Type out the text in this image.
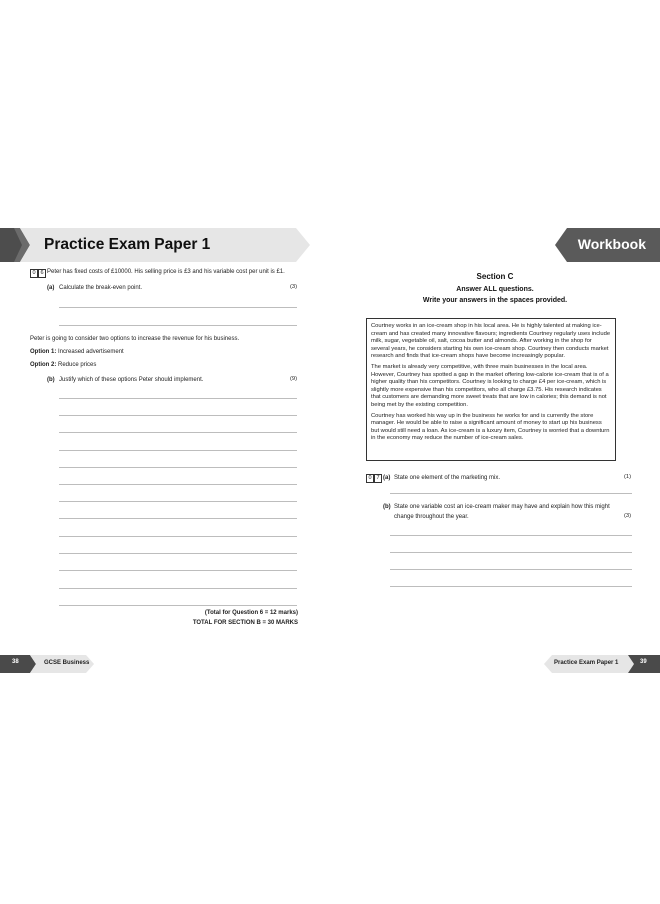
Practice Exam Paper 1
0 6 Peter has fixed costs of £10000. His selling price is £3 and his variable cost per unit is £1.
(a) Calculate the break-even point.	(3)
Peter is going to consider two options to increase the revenue for his business.
Option 1: Increased advertisement
Option 2: Reduce prices
(b) Justify which of these options Peter should implement.	(9)
(Total for Question 6 = 12 marks)
TOTAL FOR SECTION B = 30 MARKS
38	GCSE Business
Workbook
Section C
Answer ALL questions.
Write your answers in the spaces provided.

Courtney works in an ice-cream shop in his local area. He is highly talented at making ice-cream and has created many innovative flavours; ingredients Courtney regularly uses include milk, sugar, vegetable oil, salt, cocoa butter and almonds. After working in the shop for several years, he considers starting his own ice-cream shop. Courtney then conducts market research and finds that ice-cream shops have become increasingly popular.

The market is already very competitive, with three main businesses in the local area. However, Courtney has spotted a gap in the market offering low-calorie ice-cream that is of a higher quality than his competitors. Courtney is looking to charge £4 per ice-cream, which is slightly more expensive than his competitors, who all charge £3.75. His research indicates that customers are demanding more sweet treats that are low in calories; this demand is not being met by the existing competition.

Courtney has worked his way up in the business he works for and is currently the store manager. He would be able to raise a significant amount of money to start up his business but would still need a loan. As ice-cream is a luxury item, Courtney is worried that a downturn in the economy may reduce the number of ice-cream sales.

0 7 (a) State one element of the marketing mix.	(1)
(b) State one variable cost an ice-cream maker may have and explain how this might
change throughout the year.	(3)
Practice Exam Paper 1	39
